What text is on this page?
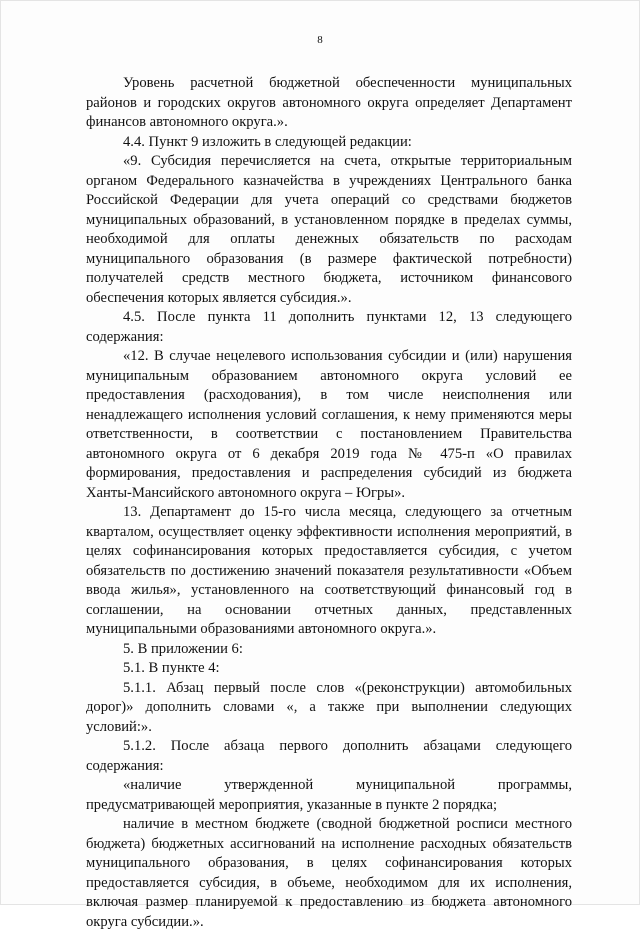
8

Уровень расчетной бюджетной обеспеченности муниципальных районов и городских округов автономного округа определяет Департамент финансов автономного округа.».

4.4. Пункт 9 изложить в следующей редакции:

«9. Субсидия перечисляется на счета, открытые территориальным органом Федерального казначейства в учреждениях Центрального банка Российской Федерации для учета операций со средствами бюджетов муниципальных образований, в установленном порядке в пределах суммы, необходимой для оплаты денежных обязательств по расходам муниципального образования (в размере фактической потребности) получателей средств местного бюджета, источником финансового обеспечения которых является субсидия.».

4.5. После пункта 11 дополнить пунктами 12, 13 следующего содержания:

«12. В случае нецелевого использования субсидии и (или) нарушения муниципальным образованием автономного округа условий ее предоставления (расходования), в том числе неисполнения или ненадлежащего исполнения условий соглашения, к нему применяются меры ответственности, в соответствии с постановлением Правительства автономного округа от 6 декабря 2019 года № 475-п «О правилах формирования, предоставления и распределения субсидий из бюджета Ханты-Мансийского автономного округа – Югры».

13. Департамент до 15-го числа месяца, следующего за отчетным кварталом, осуществляет оценку эффективности исполнения мероприятий, в целях софинансирования которых предоставляется субсидия, с учетом обязательств по достижению значений показателя результативности «Объем ввода жилья», установленного на соответствующий финансовый год в соглашении, на основании отчетных данных, представленных муниципальными образованиями автономного округа.».

5. В приложении 6:

5.1. В пункте 4:

5.1.1. Абзац первый после слов «(реконструкции) автомобильных дорог)» дополнить словами «, а также при выполнении следующих условий:».

5.1.2. После абзаца первого дополнить абзацами следующего содержания:

«наличие утвержденной муниципальной программы, предусматривающей мероприятия, указанные в пункте 2 порядка;

наличие в местном бюджете (сводной бюджетной росписи местного бюджета) бюджетных ассигнований на исполнение расходных обязательств муниципального образования, в целях софинансирования которых предоставляется субсидия, в объеме, необходимом для их исполнения, включая размер планируемой к предоставлению из бюджета автономного округа субсидии.».
